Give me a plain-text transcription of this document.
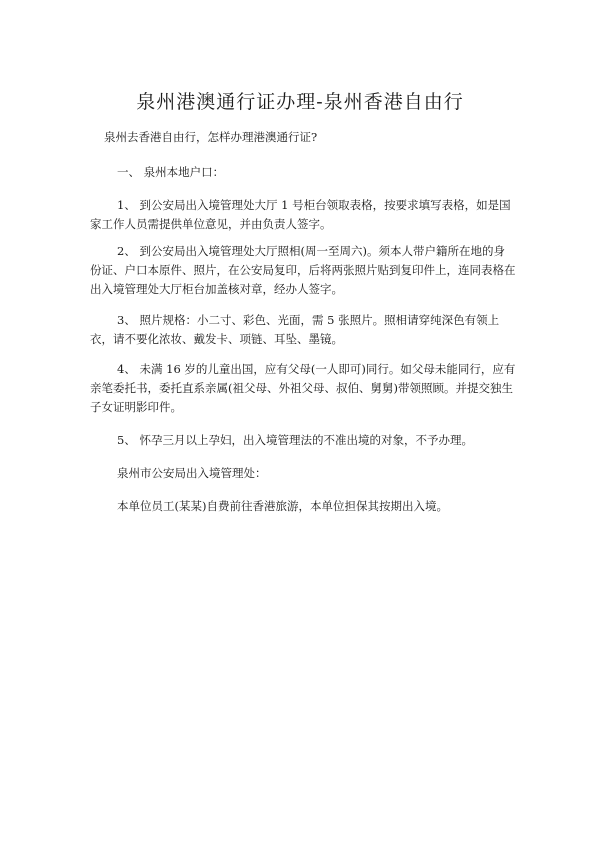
泉州港澳通行证办理-泉州香港自由行

泉州去香港自由行，怎样办理港澳通行证?

一、 泉州本地户口：

1、 到公安局出入境管理处大厅 1 号柜台领取表格，按要求填写表格，如是国家工作人员需提供单位意见，并由负责人签字。

2、 到公安局出入境管理处大厅照相(周一至周六)。须本人带户籍所在地的身份证、户口本原件、照片，在公安局复印，后将两张照片贴到复印件上，连同表格在出入境管理处大厅柜台加盖核对章，经办人签字。

3、 照片规格：小二寸、彩色、光面，需 5 张照片。照相请穿纯深色有领上衣，请不要化浓妆、戴发卡、项链、耳坠、墨镜。

4、 未满 16 岁的儿童出国，应有父母(一人即可)同行。如父母未能同行，应有亲笔委托书，委托直系亲属(祖父母、外祖父母、叔伯、舅舅)带领照顾。并提交独生子女证明影印件。

5、 怀孕三月以上孕妇，出入境管理法的不准出境的对象，不予办理。

泉州市公安局出入境管理处：

本单位员工(某某)自费前往香港旅游，本单位担保其按期出入境。
